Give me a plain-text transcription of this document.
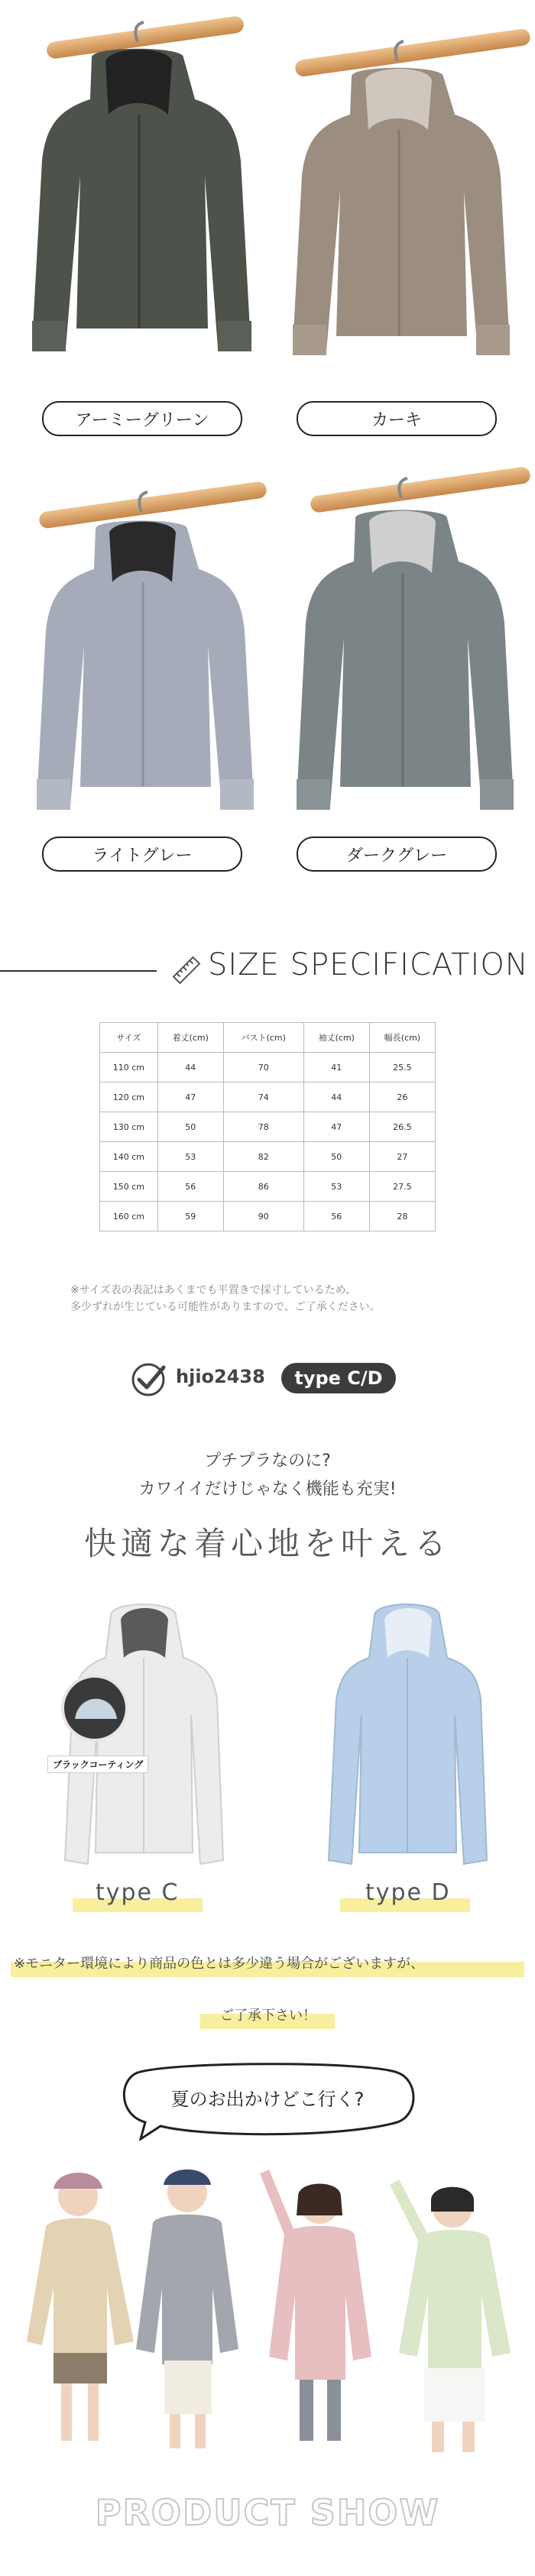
アーミーグリーン	カーキ
ライトグレー	ダークグレー
SIZE SPECIFICATION
サイズ	着丈(cm)	バスト(cm)	袖丈(cm)	幅長(cm)
110 cm	44	70	41	25.5
120 cm	47	74	44	26
130 cm	50	78	47	26.5
140 cm	53	82	50	27
150 cm	56	86	53	27.5
160 cm	59	90	56	28
※サイズ表の表記はあくまでも平置きで採寸しているため、
多少ずれが生じている可能性がありますので、ご了承ください。
hjio2438	type C/D
プチプラなのに?
カワイイだけじゃなく機能も充実!
快適な着心地を叶える
ブラックコーティング
type C	type D
※モニター環境により商品の色とは多少違う場合がございますが、
ご了承下さい！
夏のお出かけどこ行く?
PRODUCT SHOW
